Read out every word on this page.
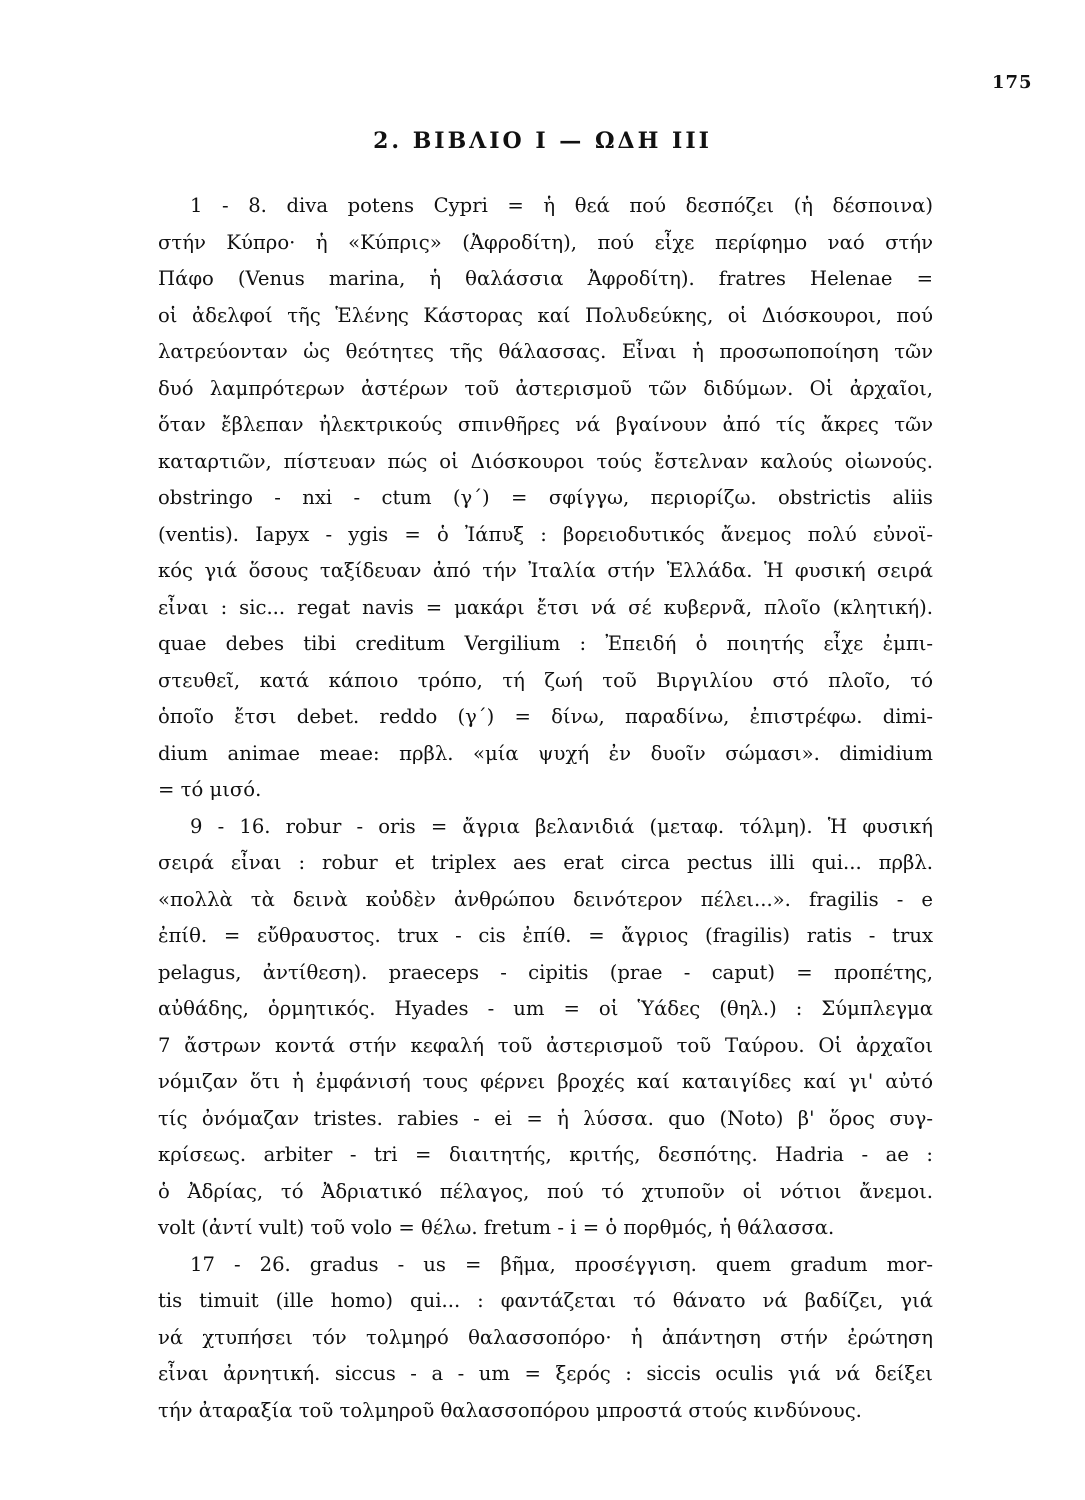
175
2. ΒΙΒΛΙΟ Ι — ΩΔΗ ΙΙΙ
1 - 8. diva potens Cypri = ἡ θεά πού δεσπόζει (ἡ δέσποινα)
στήν Κύπρο· ἡ «Κύπρις» (Ἀφροδίτη), πού εἶχε περίφημο ναό στήν
Πάφο (Venus marina, ἡ θαλάσσια Ἀφροδίτη). fratres Helenae =
οἱ ἀδελφοί τῆς Ἑλένης Κάστορας καί Πολυδεύκης, οἱ Διόσκουροι, πού
λατρεύονταν ὡς θεότητες τῆς θάλασσας. Εἶναι ἡ προσωποποίηση τῶν
δυό λαμπρότερων ἀστέρων τοῦ ἀστερισμοῦ τῶν διδύμων. Οἱ ἀρχαῖοι,
ὅταν ἔβλεπαν ἠλεκτρικούς σπινθῆρες νά βγαίνουν ἀπό τίς ἄκρες τῶν
καταρτιῶν, πίστευαν πώς οἱ Διόσκουροι τούς ἔστελναν καλούς οἰωνούς.
obstringo - nxi - ctum (γ΄) = σφίγγω, περιορίζω. obstrictis aliis
(ventis). Iapyx - ygis = ὁ Ἰάπυξ : βορειοδυτικός ἄνεμος πολύ εὐνοϊ-
κός γιά ὅσους ταξίδευαν ἀπό τήν Ἰταλία στήν Ἑλλάδα. Ἡ φυσική σειρά
εἶναι : sic... regat navis = μακάρι ἔτσι νά σέ κυβερνᾶ, πλοῖο (κλητική).
quae debes tibi creditum Vergilium : Ἐπειδή ὁ ποιητής εἶχε ἐμπι-
στευθεῖ, κατά κάποιο τρόπο, τή ζωή τοῦ Βιργιλίου στό πλοῖο, τό
ὁποῖο ἔτσι debet. reddo (γ΄) = δίνω, παραδίνω, ἐπιστρέφω. dimi-
dium animae meae: πρβλ. «μία ψυχή ἐν δυοῖν σώμασι». dimidium
= τό μισό.
9 - 16. robur - oris = ἄγρια βελανιδιά (μεταφ. τόλμη). Ἡ φυσική
σειρά εἶναι : robur et triplex aes erat circa pectus illi qui... πρβλ.
«πολλὰ τὰ δεινὰ κοὐδὲν ἀνθρώπου δεινότερον πέλει...». fragilis - e
ἐπίθ. = εὔθραυστος. trux - cis ἐπίθ. = ἄγριος (fragilis) ratis - trux
pelagus, ἀντίθεση). praeceps - cipitis (prae - caput) = προπέτης,
αὐθάδης, ὁρμητικός. Hyades - um = οἱ Ὑάδες (θηλ.) : Σύμπλεγμα
7 ἄστρων κοντά στήν κεφαλή τοῦ ἀστερισμοῦ τοῦ Ταύρου. Οἱ ἀρχαῖοι
νόμιζαν ὅτι ἡ ἐμφάνισή τους φέρνει βροχές καί καταιγίδες καί γι' αὐτό
τίς ὀνόμαζαν tristes. rabies - ei = ἡ λύσσα. quo (Noto) β' ὅρος συγ-
κρίσεως. arbiter - tri = διαιτητής, κριτής, δεσπότης. Hadria - ae :
ὁ Ἀδρίας, τό Ἀδριατικό πέλαγος, πού τό χτυποῦν οἱ νότιοι ἄνεμοι.
volt (ἀντί vult) τοῦ volo = θέλω. fretum - i = ὁ πορθμός, ἡ θάλασσα.
17 - 26. gradus - us = βῆμα, προσέγγιση. quem gradum mor-
tis timuit (ille homo) qui... : φαντάζεται τό θάνατο νά βαδίζει, γιά
νά χτυπήσει τόν τολμηρό θαλασσοπόρο· ἡ ἀπάντηση στήν ἐρώτηση
εἶναι ἀρνητική. siccus - a - um = ξερός : siccis oculis γιά νά δείξει
τήν ἀταραξία τοῦ τολμηροῦ θαλασσοπόρου μπροστά στούς κινδύνους.
